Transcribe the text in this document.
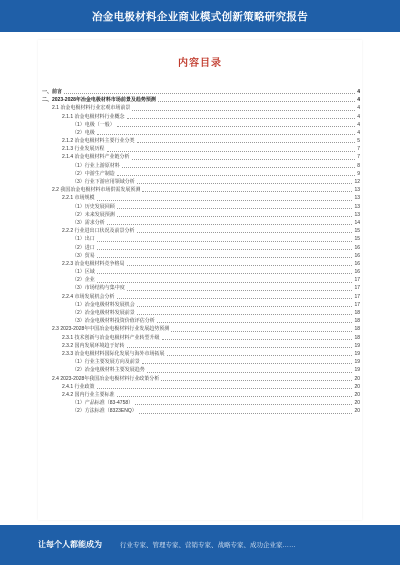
冶金电极材料企业商业模式创新策略研究报告
内容目录
一、前言	4
二、2023-2028年冶金电极材料市场前景及趋势预测	4
2.1 冶金电极材料行业宏观市场前景	4
2.1.1 冶金电极材料行业概念	4
（1）电极（一般）	4
（2）电极	4
2.1.2 冶金电极材料主要行业分类	5
2.1.3 行业发展历程	7
2.1.4 冶金电极材料产业链分析	7
（1）行业上游原材料	8
（2）中游生产制造	9
（3）行业下游应用领域分析	12
2.2 我国冶金电极材料市场供需发展预测	13
2.2.1 市场规模	13
（1）历史发展回顾	13
（2）未来发展预测	13
（3）需求分析	14
2.2.2 行业进出口状况及前景分析	15
（1）出口	15
（2）进口	16
（3）贸易	16
2.2.3 冶金电极材料竞争格局	16
（1）区域	16
（2）企业	17
（3）市场结构与集中度	17
2.2.4 市场发展机会分析	17
（1）冶金电极材料发展机会	17
（2）冶金电极材料发展前景	18
（3）冶金电极材料投资价值评估分析	18
2.3 2023-2028年中国冶金电极材料行业发展趋势预测	18
2.3.1 技术创新与冶金电极材料产业转型升级	18
2.3.2 国内发展环境趋于好转	19
2.3.3 冶金电极材料国际化发展与海外市场拓展	19
（1）行业主要发展方向及前景	19
（2）冶金电极材料主要发展趋势	19
2.4 2023-2028年我国冶金电极材料行业政策分析	20
2.4.1 行业政策	20
2.4.2 国内行业主要标准	20
（1）产品标准（83-4758）	20
（2）方法标准（8323ENQ）	20
让每个人都能成为	行业专家、管理专家、营销专家、战略专家、成功企业家……
